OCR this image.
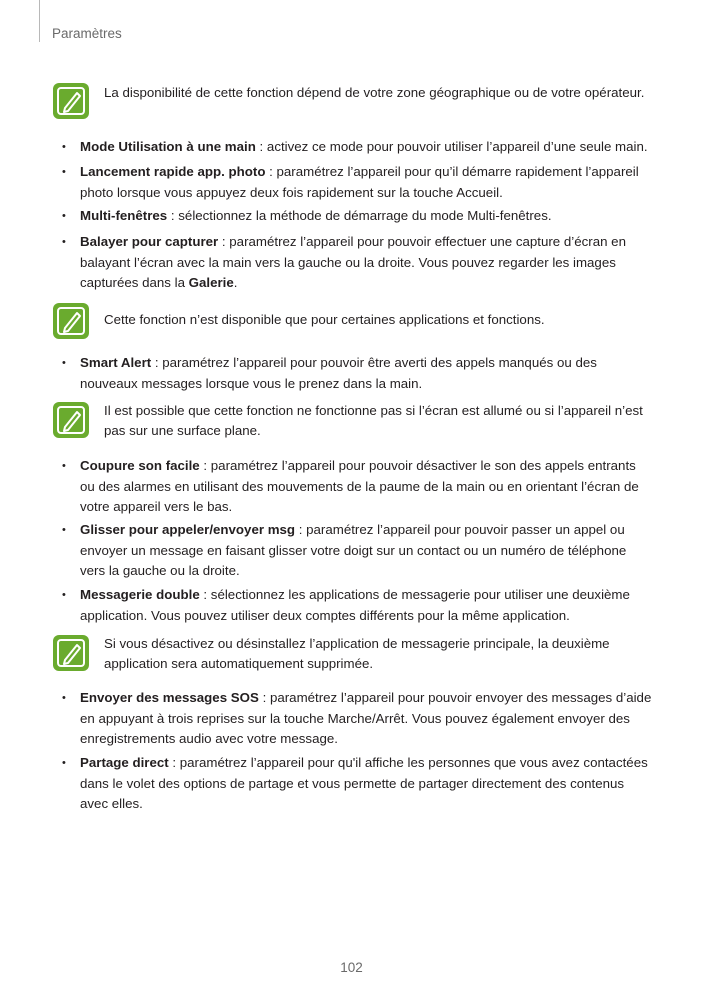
Paramètres
La disponibilité de cette fonction dépend de votre zone géographique ou de votre opérateur.
• Mode Utilisation à une main : activez ce mode pour pouvoir utiliser l’appareil d’une seule main.
• Lancement rapide app. photo : paramétrez l’appareil pour qu’il démarre rapidement l’appareil photo lorsque vous appuyez deux fois rapidement sur la touche Accueil.
• Multi-fenêtres : sélectionnez la méthode de démarrage du mode Multi-fenêtres.
• Balayer pour capturer : paramétrez l’appareil pour pouvoir effectuer une capture d’écran en balayant l’écran avec la main vers la gauche ou la droite. Vous pouvez regarder les images capturées dans la Galerie.
Cette fonction n’est disponible que pour certaines applications et fonctions.
• Smart Alert : paramétrez l’appareil pour pouvoir être averti des appels manqués ou des nouveaux messages lorsque vous le prenez dans la main.
Il est possible que cette fonction ne fonctionne pas si l’écran est allumé ou si l’appareil n’est pas sur une surface plane.
• Coupure son facile : paramétrez l’appareil pour pouvoir désactiver le son des appels entrants ou des alarmes en utilisant des mouvements de la paume de la main ou en orientant l’écran de votre appareil vers le bas.
• Glisser pour appeler/envoyer msg : paramétrez l’appareil pour pouvoir passer un appel ou envoyer un message en faisant glisser votre doigt sur un contact ou un numéro de téléphone vers la gauche ou la droite.
• Messagerie double : sélectionnez les applications de messagerie pour utiliser une deuxième application. Vous pouvez utiliser deux comptes différents pour la même application.
Si vous désactivez ou désinstallez l’application de messagerie principale, la deuxième application sera automatiquement supprimée.
• Envoyer des messages SOS : paramétrez l’appareil pour pouvoir envoyer des messages d’aide en appuyant à trois reprises sur la touche Marche/Arrêt. Vous pouvez également envoyer des enregistrements audio avec votre message.
• Partage direct : paramétrez l’appareil pour qu'il affiche les personnes que vous avez contactées dans le volet des options de partage et vous permette de partager directement des contenus avec elles.
102
